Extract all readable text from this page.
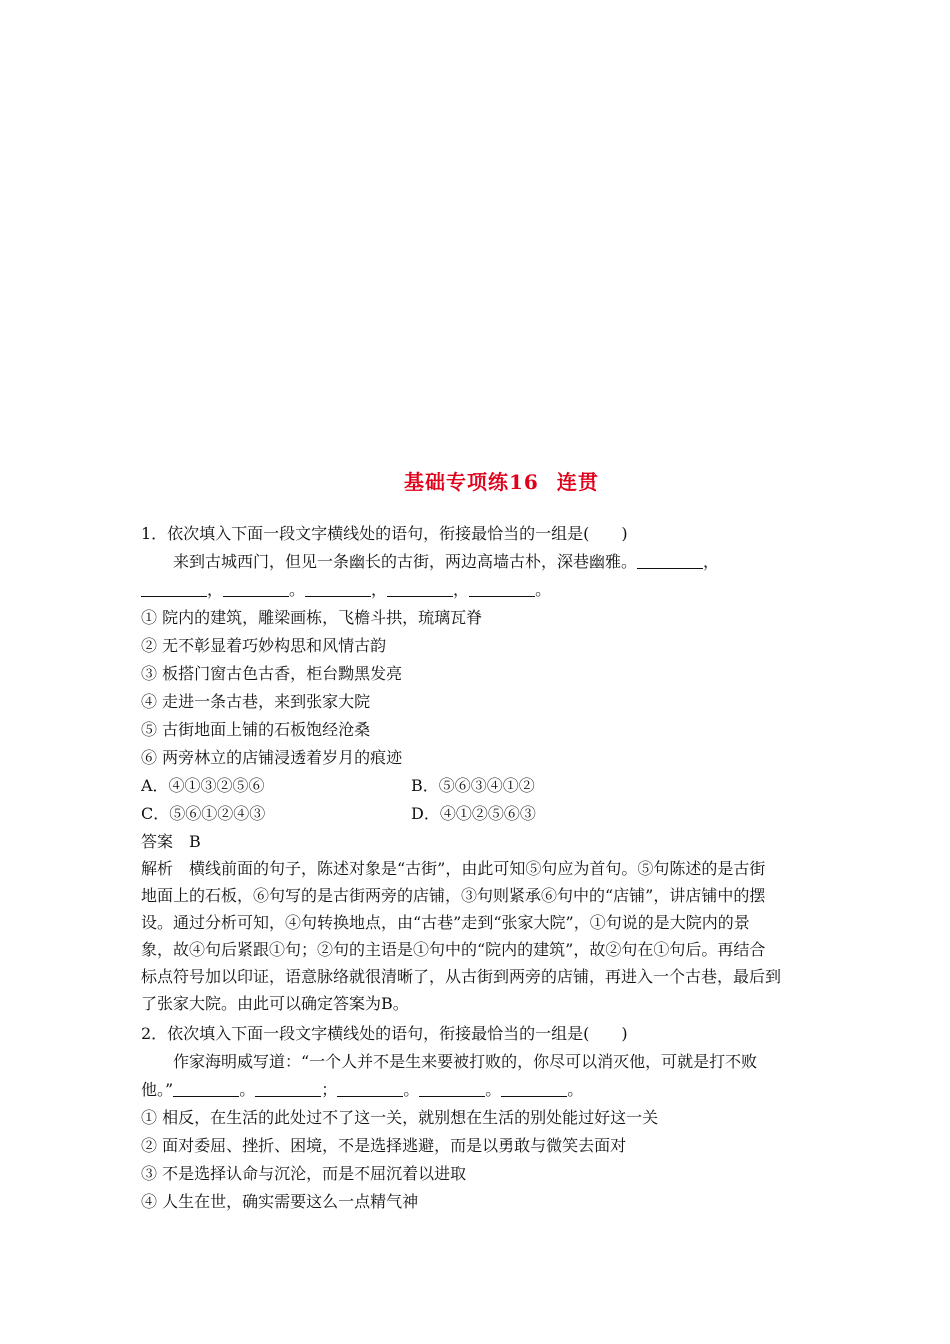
基础专项练16 连贯
1．依次填入下面一段文字横线处的语句，衔接最恰当的一组是(　　)
来到古城西门，但见一条幽长的古街，两边高墙古朴，深巷幽雅。	，
，	。	，	，	。
① 院内的建筑，雕梁画栋，飞檐斗拱，琉璃瓦脊
② 无不彰显着巧妙构思和风情古韵
③ 板搭门窗古色古香，柜台黝黑发亮
④ 走进一条古巷，来到张家大院
⑤ 古街地面上铺的石板饱经沧桑
⑥ 两旁林立的店铺浸透着岁月的痕迹
A．④①③②⑤⑥	B．⑤⑥③④①②
C．⑤⑥①②④③	D．④①②⑤⑥③
答案　B
解析　横线前面的句子，陈述对象是“古街”，由此可知⑤句应为首句。⑤句陈述的是古街
地面上的石板，⑥句写的是古街两旁的店铺，③句则紧承⑥句中的“店铺”，讲店铺中的摆
设。通过分析可知，④句转换地点，由“古巷”走到“张家大院”，①句说的是大院内的景
象，故④句后紧跟①句；②句的主语是①句中的“院内的建筑”，故②句在①句后。再结合
标点符号加以印证，语意脉络就很清晰了，从古街到两旁的店铺，再进入一个古巷，最后到
了张家大院。由此可以确定答案为B。
2．依次填入下面一段文字横线处的语句，衔接最恰当的一组是(　　)
作家海明威写道：“一个人并不是生来要被打败的，你尽可以消灭他，可就是打不败
他。”	。	；	。	。	。
① 相反，在生活的此处过不了这一关，就别想在生活的别处能过好这一关
② 面对委屈、挫折、困境，不是选择逃避，而是以勇敢与微笑去面对
③ 不是选择认命与沉沦，而是不屈沉着以进取
④ 人生在世，确实需要这么一点精气神
